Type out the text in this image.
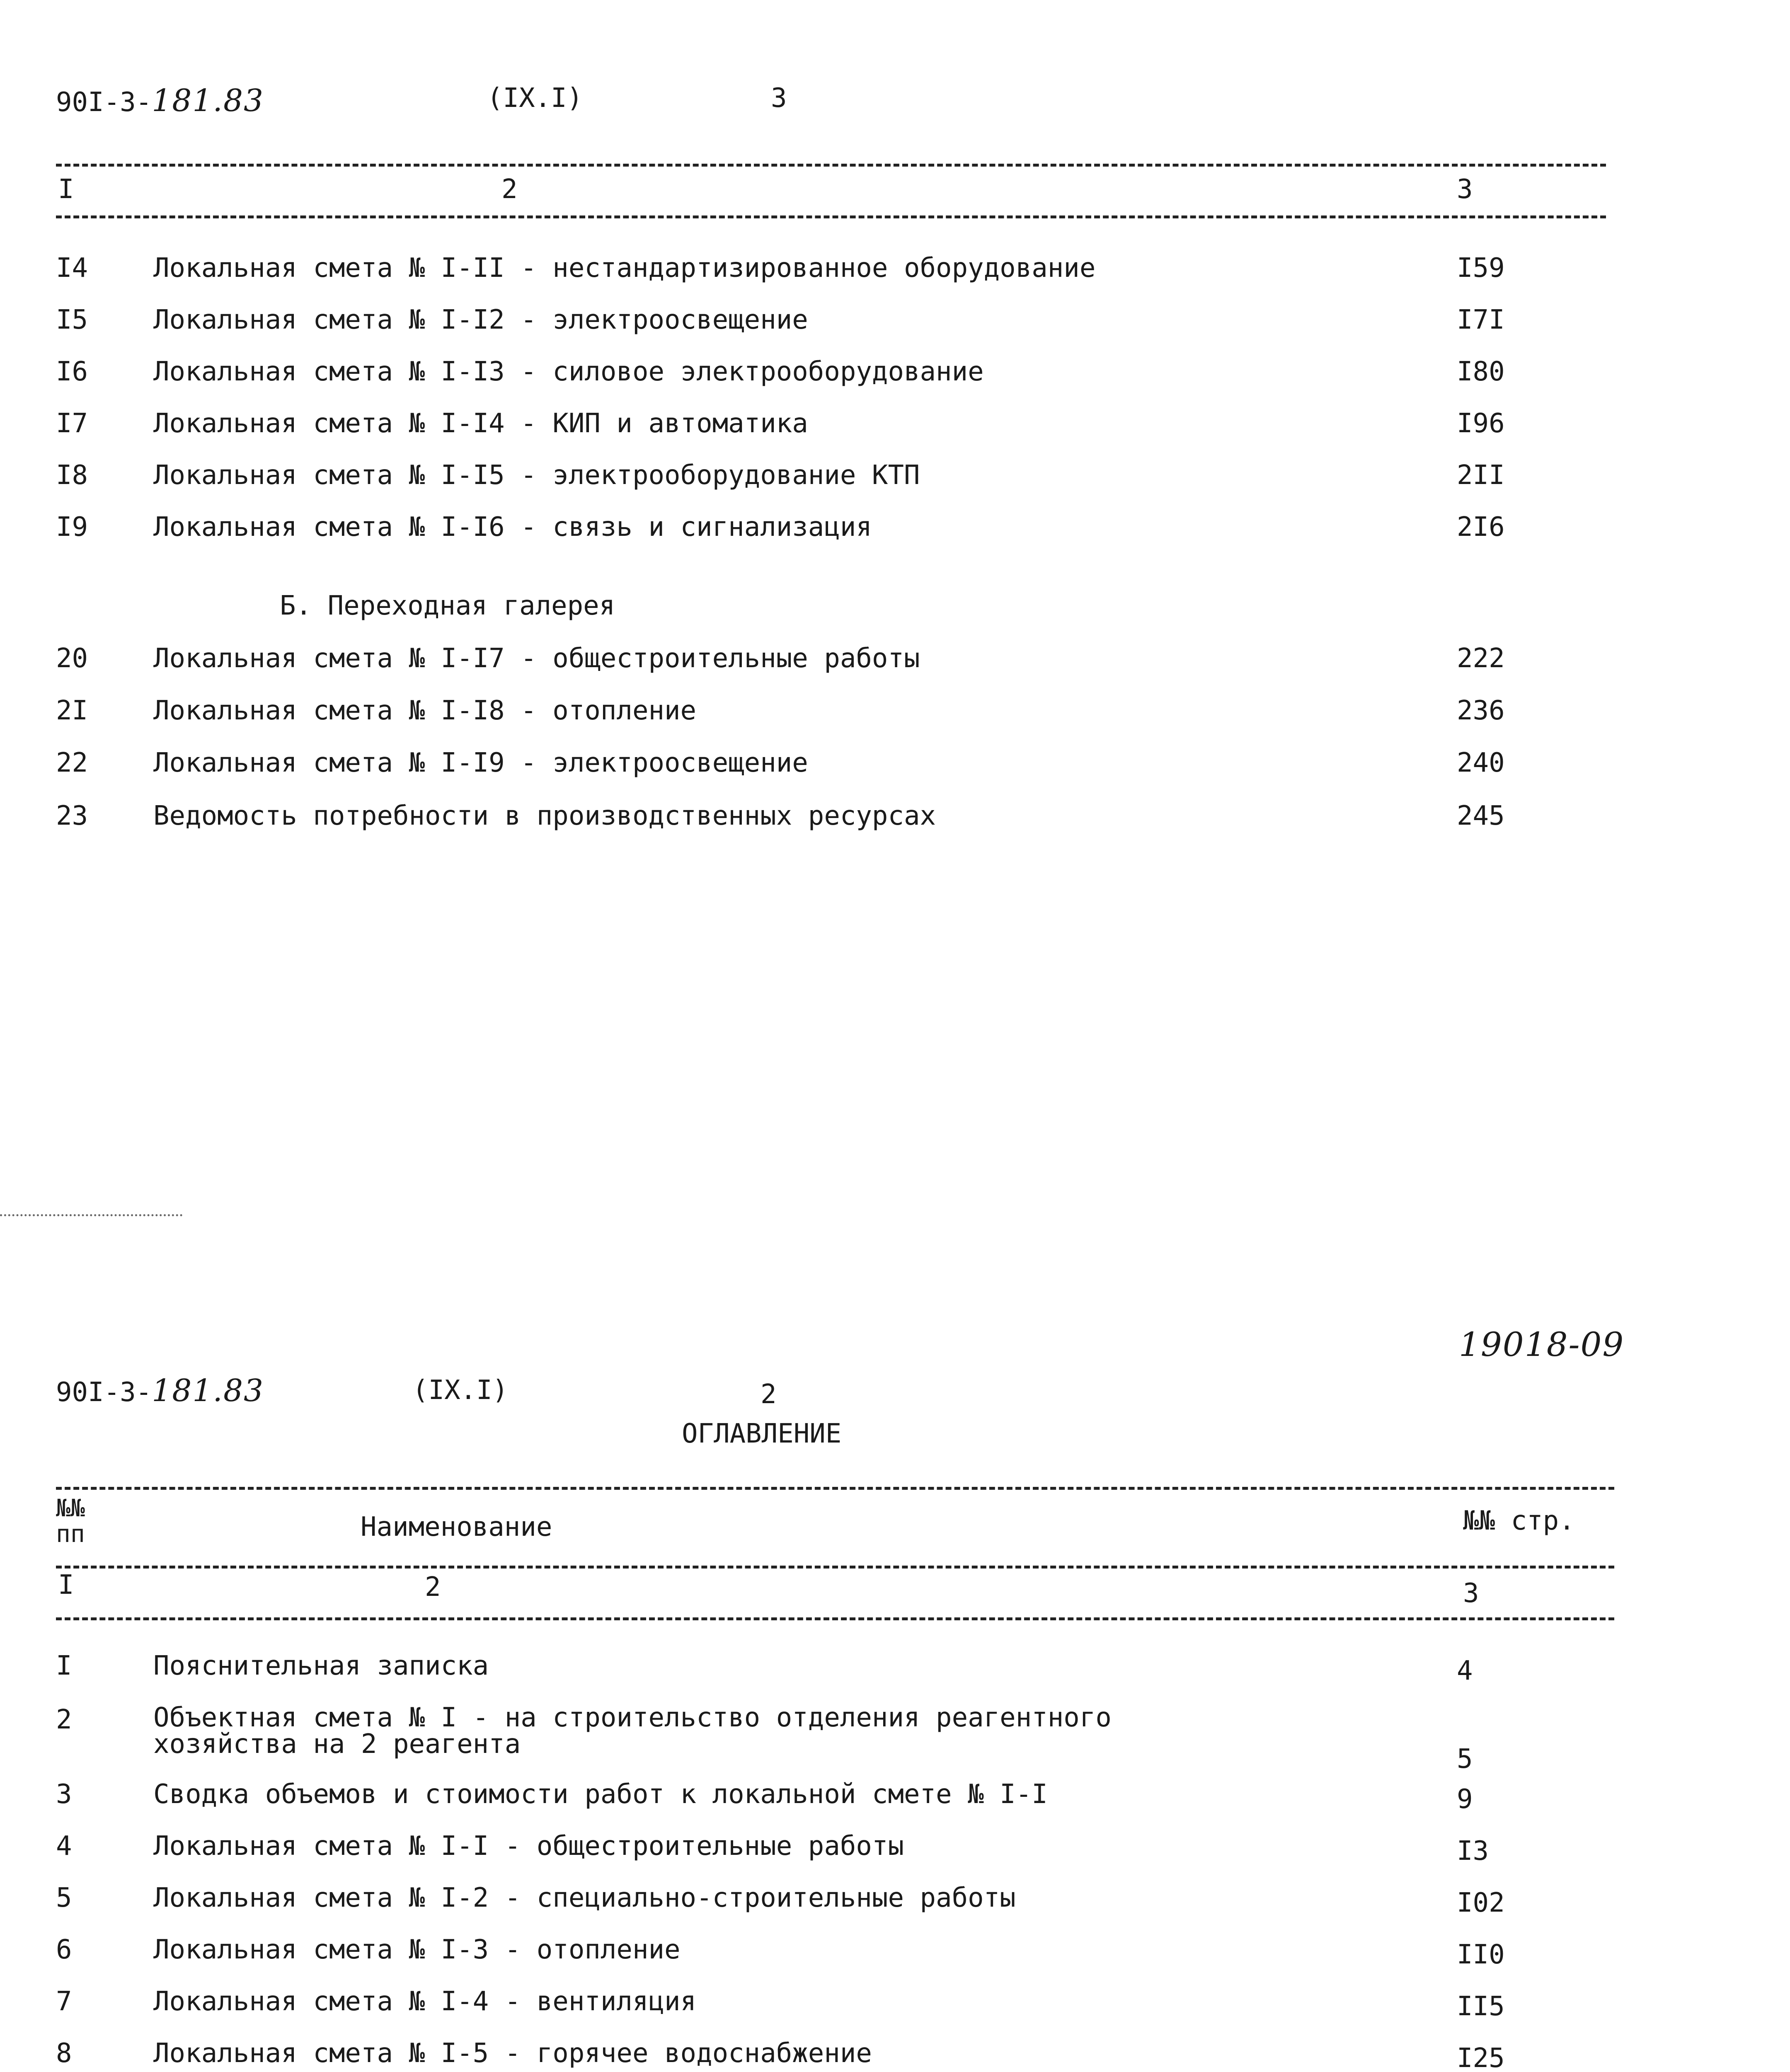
90I-3-181.83	(IX.I)	3
I	2	3
I4 Локальная смета № I-II - нестандартизированное оборудование	I59
I5 Локальная смета № I-I2 - электроосвещение	I7I
I6 Локальная смета № I-I3 - силовое электрооборудование	I80
I7 Локальная смета № I-I4 - КИП и автоматика	I96
I8 Локальная смета № I-I5 - электрооборудование КТП	2II
I9 Локальная смета № I-I6 - связь и сигнализация	2I6
Б. Переходная галерея
20 Локальная смета № I-I7 - общестроительные работы	222
2I Локальная смета № I-I8 - отопление	236
22 Локальная смета № I-I9 - электроосвещение	240
23 Ведомость потребности в производственных ресурсах	245
19018-09
90I-3-181.83	(IX.I)	2
ОГЛАВЛЕНИЕ
№№
пп	Наименование	№№ стр.
I	2	3
I	Пояснительная записка	4
2	Объектная смета № I - на строительство отделения реагентного
хозяйства на 2 реагента	5
3	Сводка объемов и стоимости работ к локальной смете № I-I	9
4	Локальная смета № I-I - общестроительные работы	I3
5	Локальная смета № I-2 - специально-строительные работы	I02
6	Локальная смета № I-3 - отопление	II0
7	Локальная смета № I-4 - вентиляция	II5
8	Локальная смета № I-5 - горячее водоснабжение	I25
